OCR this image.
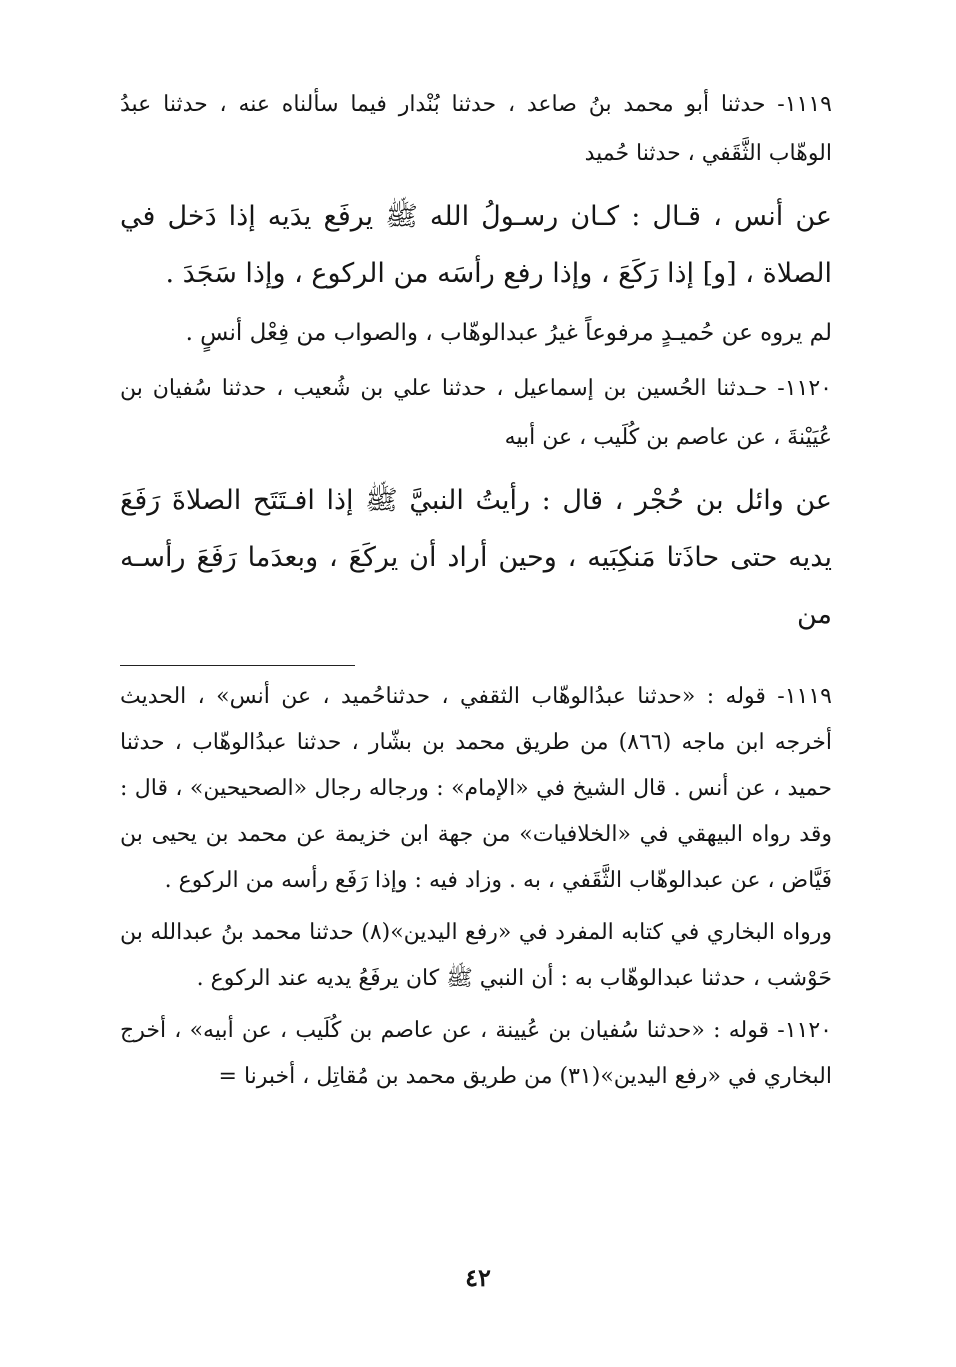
١١١٩- حدثنا أبو محمد بنُ صاعد ، حدثنا بُنْدار فيما سألناه عنه ، حدثنا عبدُ الوهّاب الثَّقَفي ، حدثنا حُميد

عن أنس ، قـال : كـان رسـولُ الله ﷺ يرفَع يدَيه إذا دَخل في الصلاة ، [و] إذا رَكَعَ ، وإذا رفع رأسَه من الركوع ، وإذا سَجَدَ .

لم يروه عن حُميـدٍ مرفوعاً غيرُ عبدالوهّاب ، والصواب من فِعْل أنسٍ .

١١٢٠- حـدثنا الحُسين بن إسماعيل ، حدثنا علي بن شُعيب ، حدثنا سُفيان بن عُيَيْنةَ ، عن عاصم بن كُلَيب ، عن أبيه

عن وائل بن حُجْر ، قال : رأيتُ النبيَّ ﷺ إذا افـتَتَح الصلاةَ رَفَعَ يديه حتى حاذَتا مَنكِبَيه ، وحين أراد أن يركَعَ ، وبعدَما رَفَعَ رأسـه من

١١١٩- قوله : «حدثنا عبدُالوهّاب الثقفي ، حدثناحُميد ، عن أنس» ، الحديث أخرجه ابن ماجه (٨٦٦) من طريق محمد بن بشّار ، حدثنا عبدُالوهّاب ، حدثنا حميد ، عن أنس . قال الشيخ في «الإمام» : ورجاله رجال «الصحيحين» ، قال : وقد رواه البيهقي في «الخلافيات» من جهة ابن خزيمة عن محمد بن يحيى بن فَيَّاض ، عن عبدالوهّاب الثَّقَفي ، به . وزاد فيه : وإذا رَفَع رأسه من الركوع .

ورواه البخاري في كتابه المفرد في «رفع اليدين»(٨) حدثنا محمد بنُ عبدالله بن حَوْشب ، حدثنا عبدالوهّاب به : أن النبي ﷺ كان يرفَعُ يديه عند الركوع .

١١٢٠- قوله : «حدثنا سُفيان بن عُيينة ، عن عاصم بن كُلَيب ، عن أبيه» ، أخرج البخاري في «رفع اليدين»(٣١) من طريق محمد بن مُقاتِل ، أخبرنا =

٤٢
